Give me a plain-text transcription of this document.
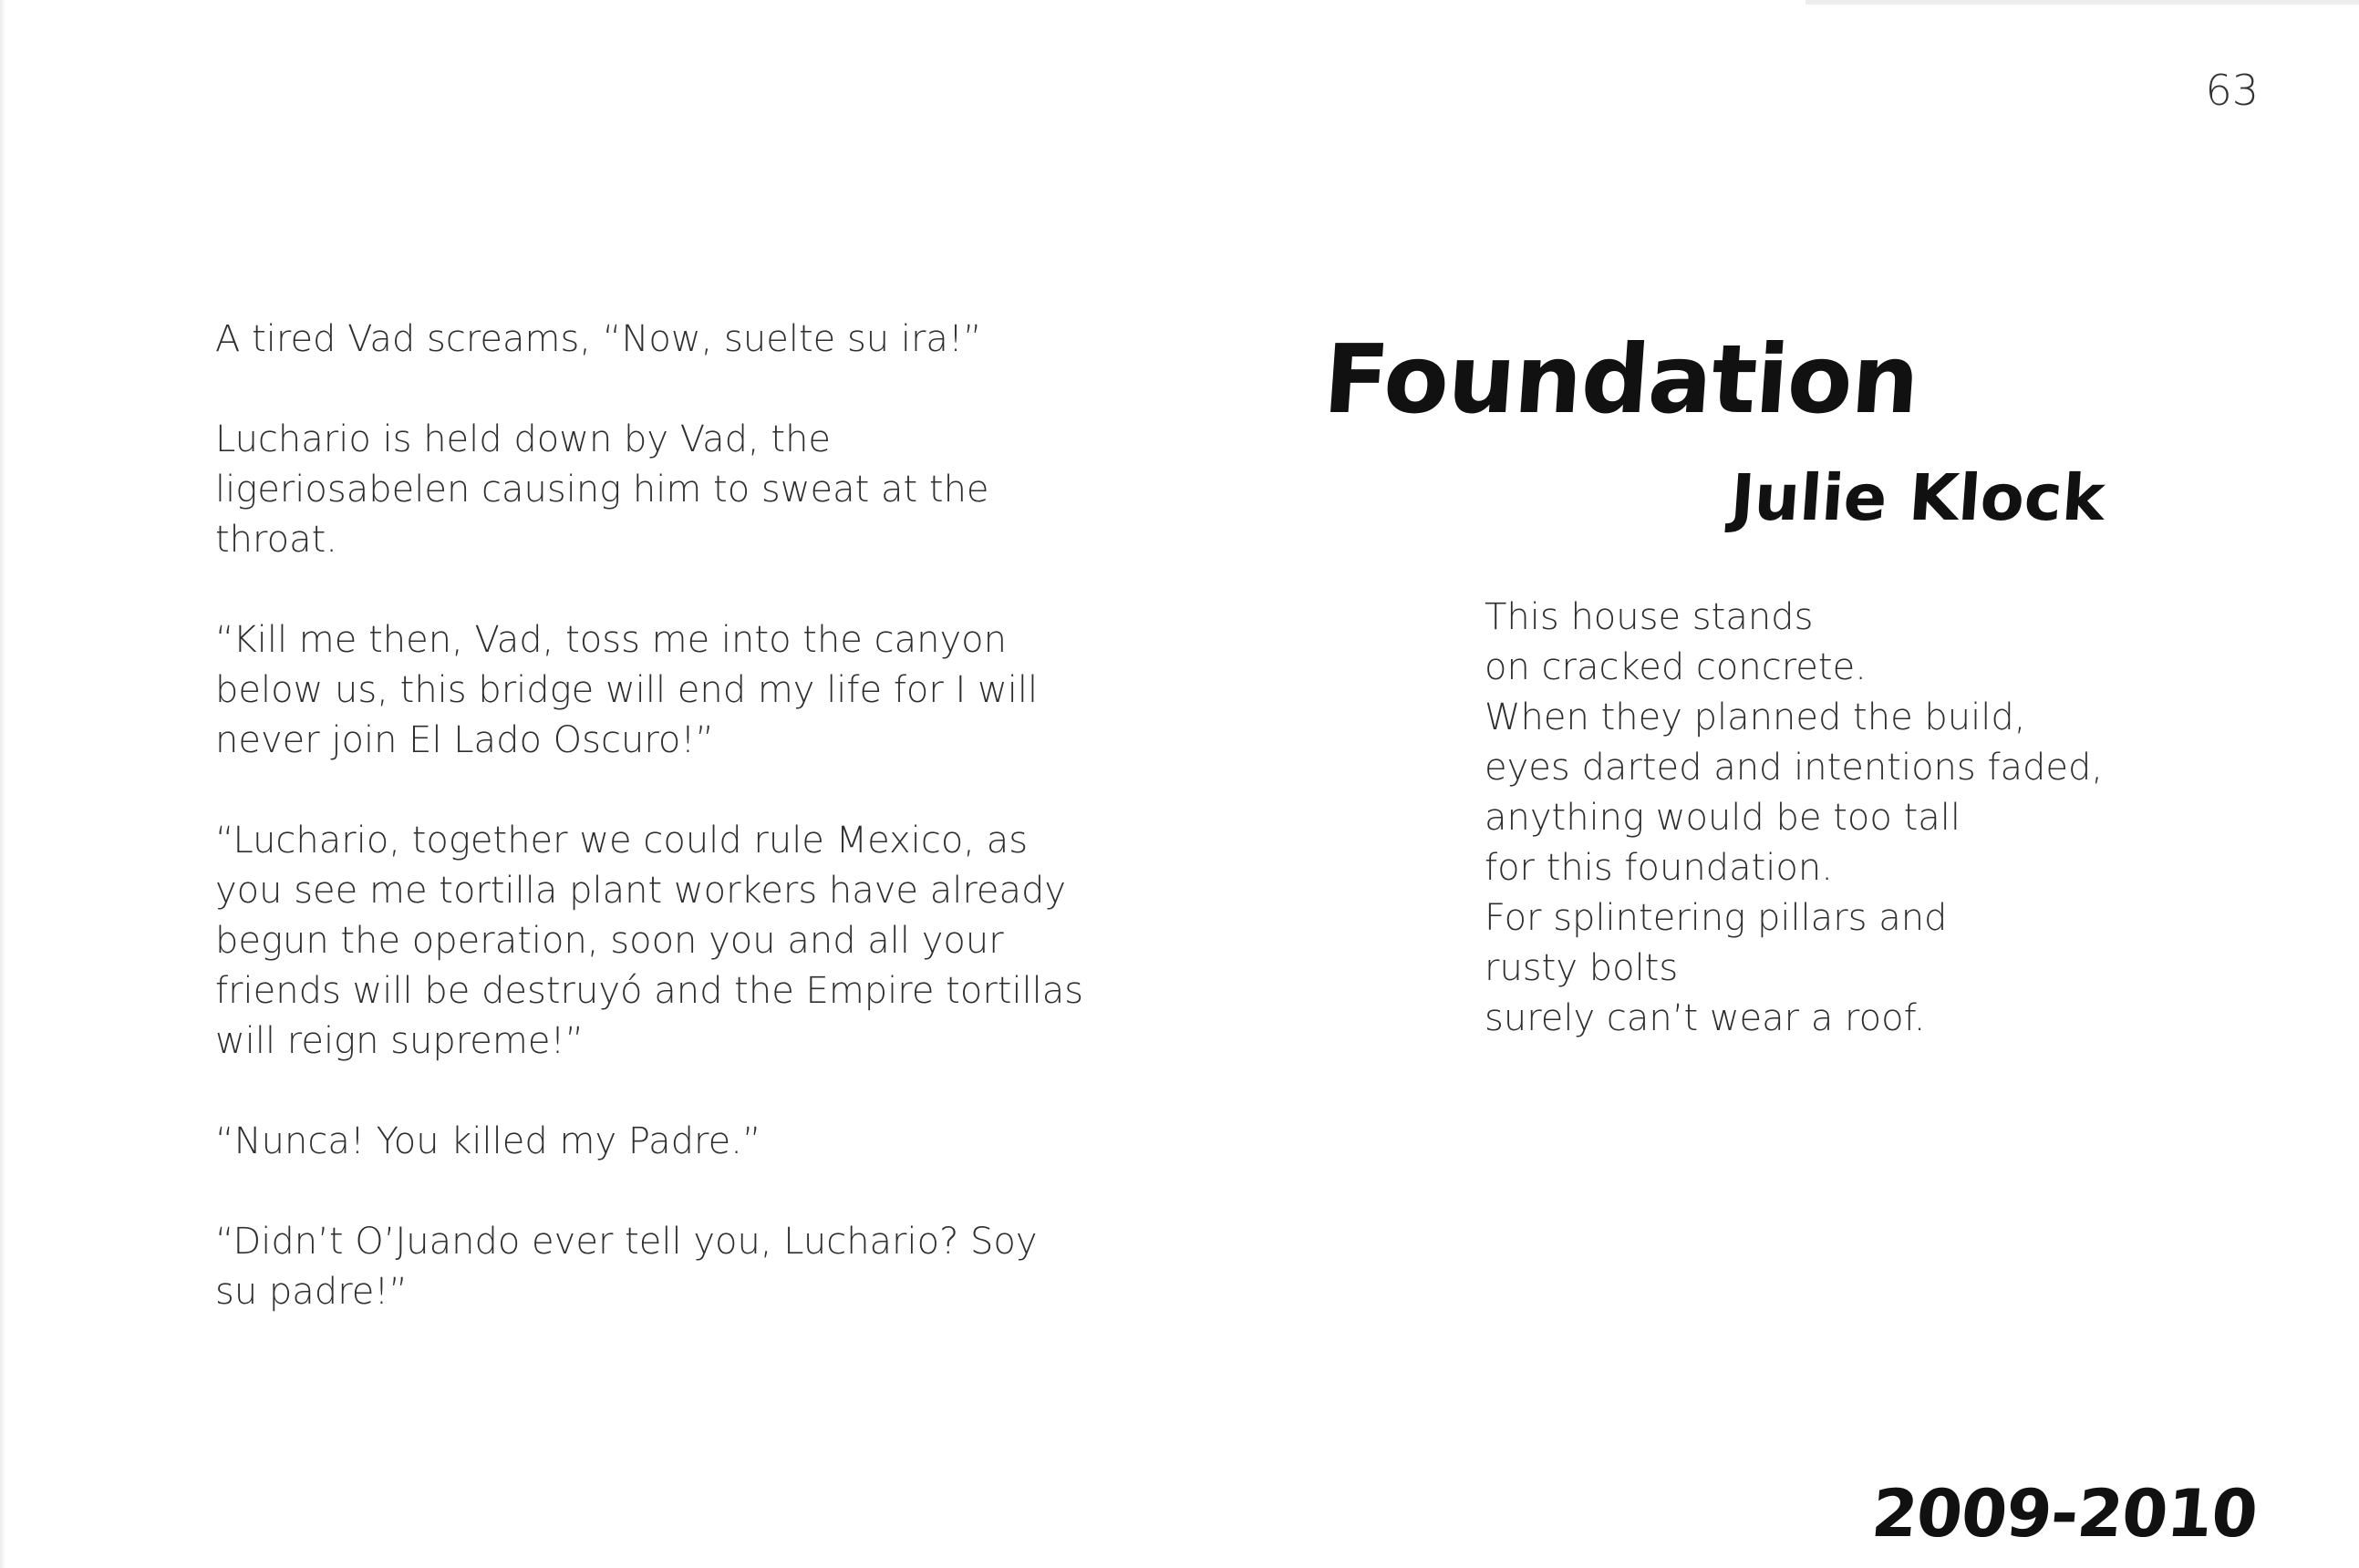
63

A tired Vad screams, “Now, suelte su ira!”

Luchario is held down by Vad, the ligeriosabelen causing him to sweat at the throat.

“Kill me then, Vad, toss me into the canyon below us, this bridge will end my life for I will never join El Lado Oscuro!”

“Luchario, together we could rule Mexico, as you see me tortilla plant workers have already begun the operation, soon you and all your friends will be destruyó and the Empire tortillas will reign supreme!”

“Nunca! You killed my Padre.”

“Didn’t O’Juando ever tell you, Luchario? Soy su padre!”

Foundation
Julie Klock
This house stands
on cracked concrete.
When they planned the build,
eyes darted and intentions faded,
anything would be too tall
for this foundation.
For splintering pillars and
rusty bolts
surely can’t wear a roof.
2009-2010
